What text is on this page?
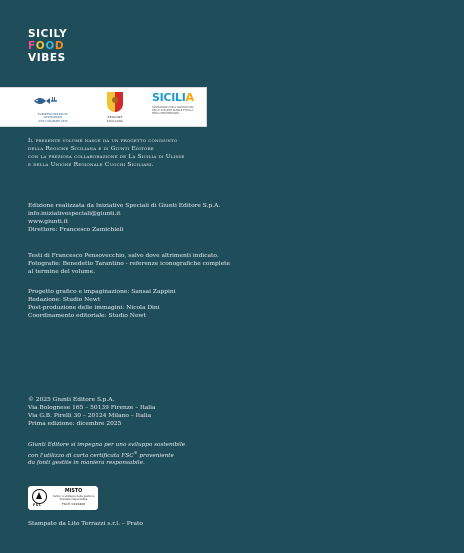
SICILY
FOOD
VIBES
EUROPEAN REGION OF GASTRONOMY
SICILY AWARDED 2025
REGIONE SICILIANA
SICILIA
ASSESSORATO DELL'AGRICOLTURA
DELLO SVILUPPO RURALE E DELLA
PESCA MEDITERRANEA

Il presente volume nasce da un progetto congiunto

della Regione Siciliana e di Giunti Editore

con la preziosa collaborazione de La Sicilia di Ulisse

e della Unione Regionale Cuochi Siciliani.

Edizione realizzata da Iniziative Speciali di Giunti Editore S.p.A.

info.iniziativespeciali@giunti.it

www.giunti.it

Direttore: Francesco Zamichieli

Testi di Francesco Pensovecchio, salvo dove altrimenti indicato.

Fotografie: Benedetto Tarantino - referenze iconografiche complete

al termine del volume.

Progetto grafico e impaginazione: Sansai Zappini

Redazione: Studio Newt

Post-produzione delle immagini: Nicola Dini

Coordinamento editoriale: Studio Newt

© 2025 Giunti Editore S.p.A.

Via Bolognese 165 – 50139 Firenze – Italia

Via G.B. Pirelli 30 – 20124 Milano – Italia

Prima edizione: dicembre 2025

Giunti Editore si impegna per uno sviluppo sostenibile

con l'utilizzo di carta certificata FSC® proveniente

da fonti gestite in maniera responsabile.

FSC
MISTO
Carta | A sostegno della gestione forestale responsabile
FSC® C016406
Stampato da Lito Terrazzi s.r.l. – Prato
